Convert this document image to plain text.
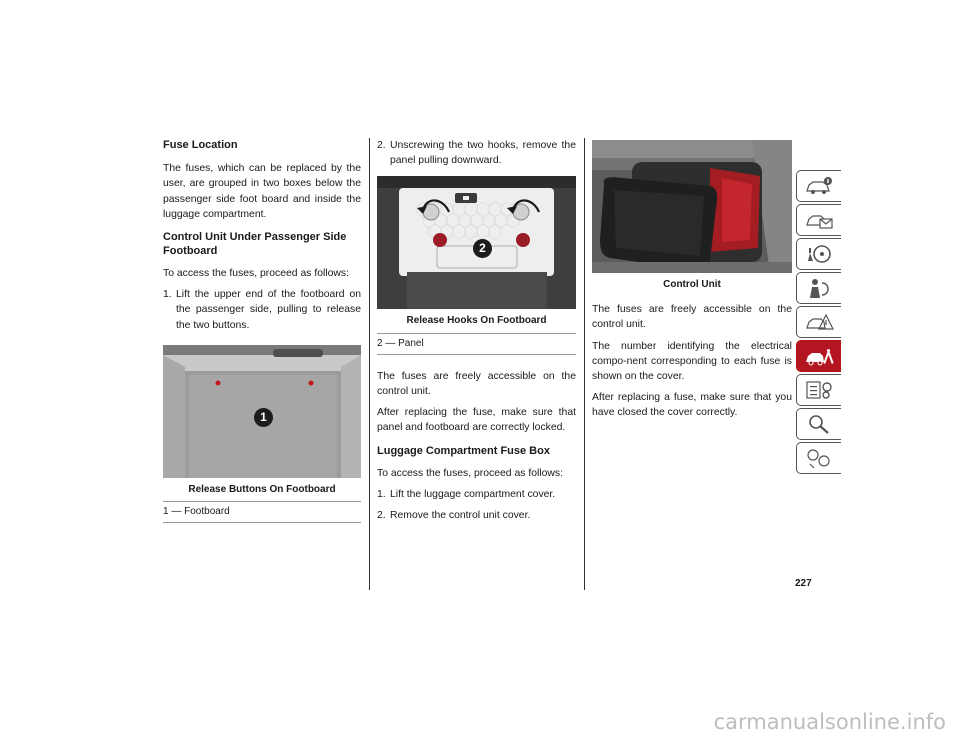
Fuse Location

The fuses, which can be replaced by the user, are grouped in two boxes below the passenger side foot board and inside the luggage compartment.

Control Unit Under Passenger Side Footboard

To access the fuses, proceed as follows:

1. Lift the upper end of the footboard on the passenger side, pulling to release the two buttons.
1
Release Buttons On Footboard
1 — Footboard
2. Unscrewing the two hooks, remove the panel pulling downward.
2
Release Hooks On Footboard
2 — Panel

The fuses are freely accessible on the control unit.

After replacing the fuse, make sure that panel and footboard are correctly locked.

Luggage Compartment Fuse Box

To access the fuses, proceed as follows:

1. Lift the luggage compartment cover.
2. Remove the control unit cover.
Control Unit

The fuses are freely accessible on the control unit.

The number identifying the electrical compo-nent corresponding to each fuse is shown on the cover.

After replacing a fuse, make sure that you have closed the cover correctly.

227
carmanualsonline.info
